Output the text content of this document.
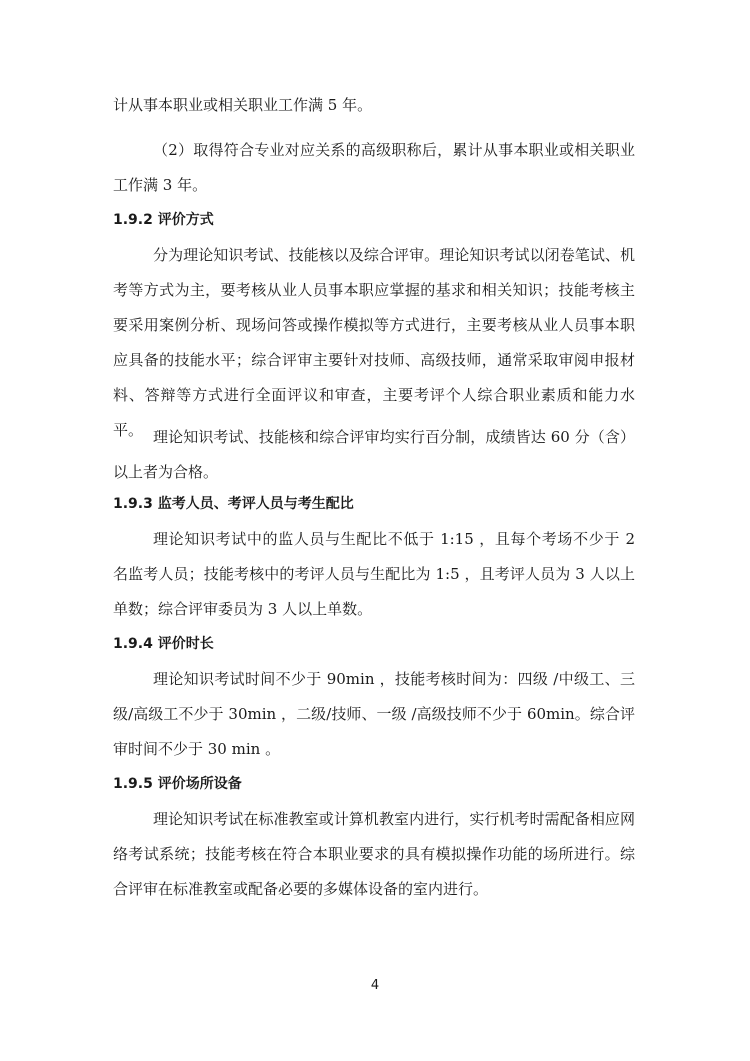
计从事本职业或相关职业工作满 5 年。

（2）取得符合专业对应关系的高级职称后，累计从事本职业或相关职业工作满 3 年。

1.9.2 评价方式

分为理论知识考试、技能核以及综合评审。理论知识考试以闭卷笔试、机考等方式为主，要考核从业人员事本职应掌握的基求和相关知识；技能考核主要采用案例分析、现场问答或操作模拟等方式进行，主要考核从业人员事本职应具备的技能水平；综合评审主要针对技师、高级技师，通常采取审阅申报材料、答辩等方式进行全面评议和审查，主要考评个人综合职业素质和能力水平。 理论知识考试、技能核和综合评审均实行百分制，成绩皆达 60 分（含）以上者为合格。

1.9.3 监考人员、考评人员与考生配比

理论知识考试中的监人员与生配比不低于 1:15 ，且每个考场不少于 2 名监考人员；技能考核中的考评人员与生配比为 1:5 ，且考评人员为 3 人以上单数；综合评审委员为 3 人以上单数。

1.9.4 评价时长

理论知识考试时间不少于 90min ，技能考核时间为：四级 /中级工、三级/高级工不少于 30min ，二级/技师、一级 /高级技师不少于 60min。综合评审时间不少于 30 min 。

1.9.5 评价场所设备

理论知识考试在标准教室或计算机教室内进行，实行机考时需配备相应网络考试系统；技能考核在符合本职业要求的具有模拟操作功能的场所进行。综合评审在标准教室或配备必要的多媒体设备的室内进行。

4
